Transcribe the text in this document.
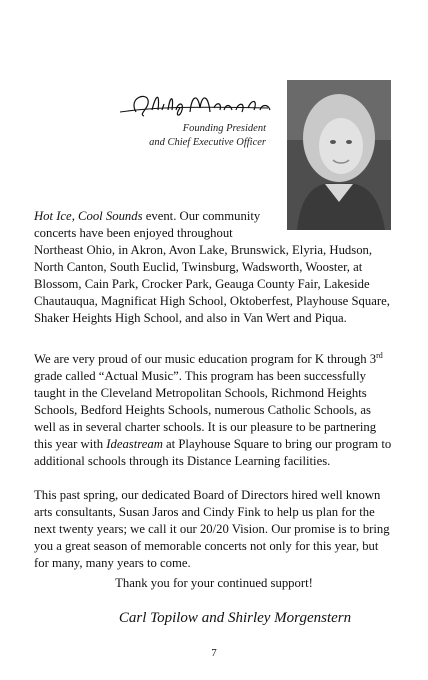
Founding President
and Chief Executive Officer

Hot Ice, Cool Sounds event. Our community
concerts have been enjoyed throughout

Northeast Ohio, in Akron, Avon Lake, Brunswick, Elyria, Hudson, North Canton, South Euclid, Twinsburg, Wadsworth, Wooster, at Blossom, Cain Park, Crocker Park, Geauga County Fair, Lakeside Chautauqua, Magnificat High School, Oktoberfest, Playhouse Square, Shaker Heights High School, and also in Van Wert and Piqua.

We are very proud of our music education program for K through 3rd grade called “Actual Music”. This program has been successfully taught in the Cleveland Metropolitan Schools, Richmond Heights Schools, Bedford Heights Schools, numerous Catholic Schools, as well as in several charter schools. It is our pleasure to be partnering this year with Ideastream at Playhouse Square to bring our program to additional schools through its Distance Learning facilities.

This past spring, our dedicated Board of Directors hired well known arts consultants, Susan Jaros and Cindy Fink to help us plan for the next twenty years; we call it our 20/20 Vision. Our promise is to bring you a great season of memorable concerts not only for this year, but for many, many years to come.

Thank you for your continued support!
Carl Topilow and Shirley Morgenstern
7
